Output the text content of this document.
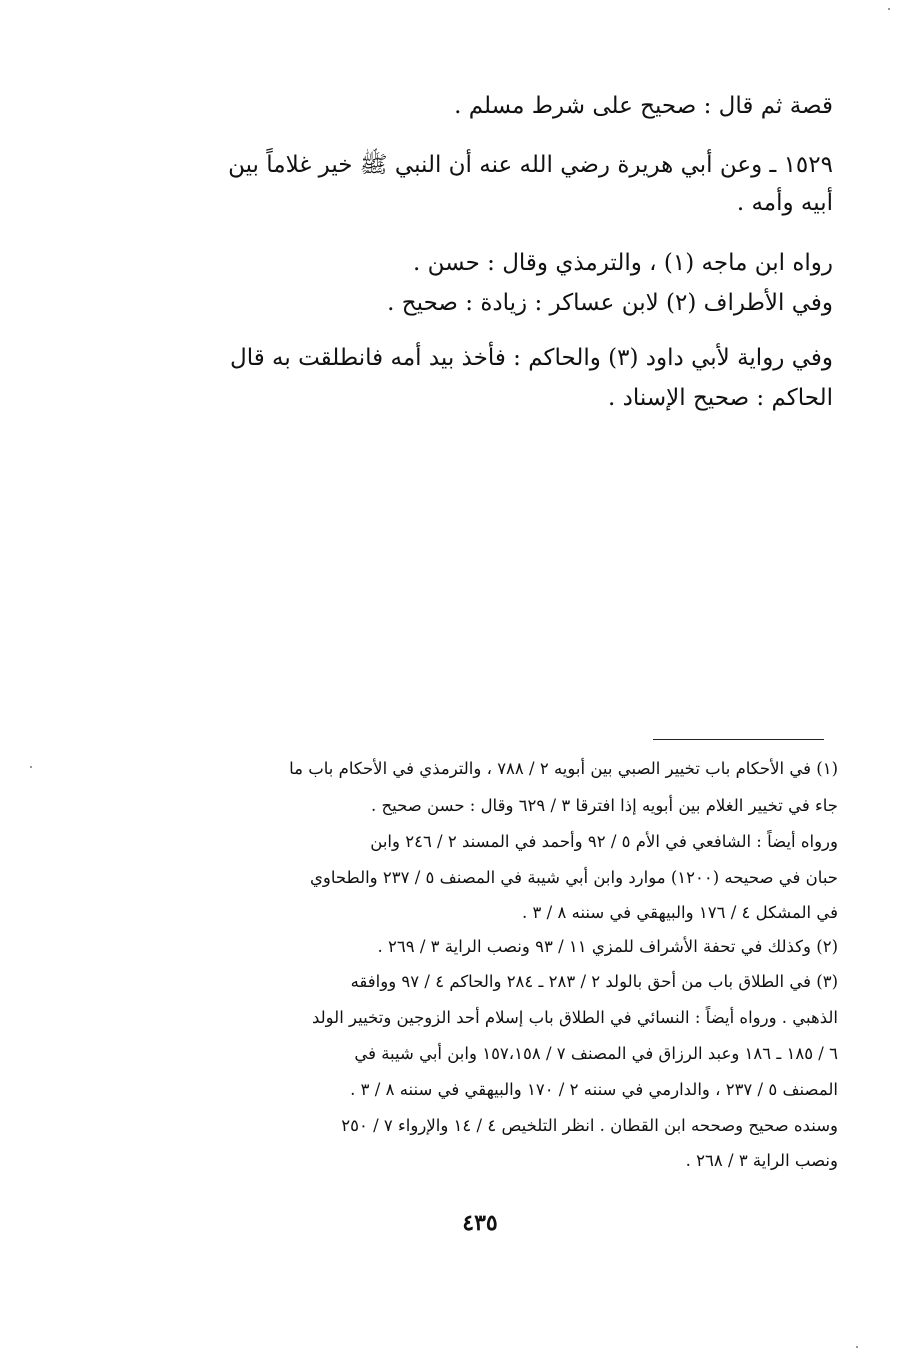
قصة ثم قال : صحيح على شرط مسلم .
١٥٢٩ ـ وعن أبي هريرة رضي الله عنه أن النبي ﷺ خير غلاماً بين
أبيه وأمه .
رواه ابن ماجه (١) ، والترمذي وقال : حسن .
وفي الأطراف (٢) لابن عساكر : زيادة : صحيح .
وفي رواية لأبي داود (٣) والحاكم : فأخذ بيد أمه فانطلقت به قال
الحاكم : صحيح الإسناد .
(١) في الأحكام باب تخيير الصبي بين أبويه ٢ / ٧٨٨ ، والترمذي في الأحكام باب ما
جاء في تخيير الغلام بين أبويه إذا افترقا ٣ / ٦٢٩ وقال : حسن صحيح .
ورواه أيضاً : الشافعي في الأم ٥ / ٩٢ وأحمد في المسند ٢ / ٢٤٦ وابن
حبان في صحيحه (١٢٠٠) موارد وابن أبي شيبة في المصنف ٥ / ٢٣٧ والطحاوي
في المشكل ٤ / ١٧٦ والبيهقي في سننه ٨ / ٣ .
(٢) وكذلك في تحفة الأشراف للمزي ١١ / ٩٣ ونصب الراية ٣ / ٢٦٩ .
(٣) في الطلاق باب من أحق بالولد ٢ / ٢٨٣ ـ ٢٨٤ والحاكم ٤ / ٩٧ ووافقه
الذهبي . ورواه أيضاً : النسائي في الطلاق باب إسلام أحد الزوجين وتخيير الولد
٦ / ١٨٥ ـ ١٨٦ وعبد الرزاق في المصنف ٧ / ١٥٧،١٥٨ وابن أبي شيبة في
المصنف ٥ / ٢٣٧ ، والدارمي في سننه ٢ / ١٧٠ والبيهقي في سننه ٨ / ٣ .
وسنده صحيح وصححه ابن القطان . انظر التلخيص ٤ / ١٤ والإرواء ٧ / ٢٥٠
ونصب الراية ٣ / ٢٦٨ .
٤٣٥
